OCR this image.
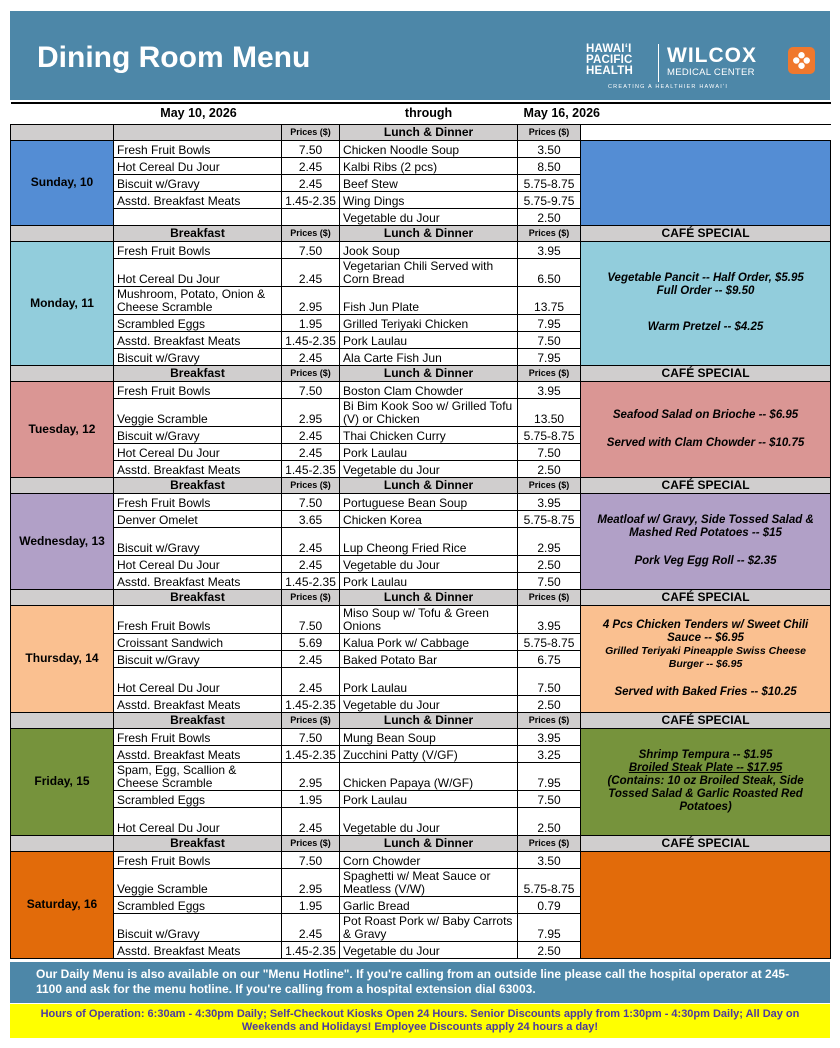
Dining Room Menu	HAWAIʻI
PACIFIC
HEALTH
WILCOX
MEDICAL CENTER
CREATING A HEALTHIER HAWAIʻI
May 10, 2026			through	May 16, 2026	
		Prices ($)	Lunch & Dinner	Prices ($)	
Sunday, 10	Fresh Fruit Bowls	7.50	Chicken Noodle Soup	3.50	
	Hot Cereal Du Jour	2.45	Kalbi Ribs (2 pcs)	8.50	
	Biscuit w/Gravy	2.45	Beef Stew	5.75-8.75	
	Asstd. Breakfast Meats	1.45-2.35	Wing Dings	5.75-9.75	
			Vegetable du Jour	2.50	
	Breakfast	Prices ($)	Lunch & Dinner	Prices ($)	CAFÉ SPECIAL
Monday, 11	Fresh Fruit Bowls	7.50	Jook Soup	3.95	Vegetable Pancit -- Half Order, $5.95
Full Order -- $9.50
Warm Pretzel -- $4.25

	Hot Cereal Du Jour	2.45	Vegetarian Chili Served with Corn Bread	6.50	
	Mushroom, Potato, Onion & Cheese Scramble	2.95	Fish Jun Plate	13.75	
	Scrambled Eggs	1.95	Grilled Teriyaki Chicken	7.95	
	Asstd. Breakfast Meats	1.45-2.35	Pork Laulau	7.50	
	Biscuit w/Gravy	2.45	Ala Carte Fish Jun	7.95	
	Breakfast	Prices ($)	Lunch & Dinner	Prices ($)	CAFÉ SPECIAL
Tuesday, 12	Fresh Fruit Bowls	7.50	Boston Clam Chowder	3.95	Seafood Salad on Brioche -- $6.95
Served with Clam Chowder -- $10.75

	Veggie Scramble	2.95	Bi Bim Kook Soo w/ Grilled Tofu (V) or Chicken	13.50	
	Biscuit w/Gravy	2.45	Thai Chicken Curry	5.75-8.75	
	Hot Cereal Du Jour	2.45	Pork Laulau	7.50	
	Asstd. Breakfast Meats	1.45-2.35	Vegetable du Jour	2.50	
	Breakfast	Prices ($)	Lunch & Dinner	Prices ($)	CAFÉ SPECIAL
Wednesday, 13	Fresh Fruit Bowls	7.50	Portuguese Bean Soup	3.95	Meatloaf w/ Gravy, Side Tossed Salad & Mashed Red Potatoes -- $15
Pork Veg Egg Roll -- $2.35

	Denver Omelet	3.65	Chicken Korea	5.75-8.75	
	Biscuit w/Gravy	2.45	Lup Cheong Fried Rice	2.95	
	Hot Cereal Du Jour	2.45	Vegetable du Jour	2.50	
	Asstd. Breakfast Meats	1.45-2.35	Pork Laulau	7.50	
	Breakfast	Prices ($)	Lunch & Dinner	Prices ($)	CAFÉ SPECIAL
Thursday, 14	Fresh Fruit Bowls	7.50	Miso Soup w/ Tofu & Green Onions	3.95	4 Pcs Chicken Tenders w/ Sweet Chili Sauce -- $6.95
Grilled Teriyaki Pineapple Swiss Cheese Burger -- $6.95
Served with Baked Fries -- $10.25

	Croissant Sandwich	5.69	Kalua Pork w/ Cabbage	5.75-8.75	
	Biscuit w/Gravy	2.45	Baked Potato Bar	6.75	
	Hot Cereal Du Jour	2.45	Pork Laulau	7.50	
	Asstd. Breakfast Meats	1.45-2.35	Vegetable du Jour	2.50	
	Breakfast	Prices ($)	Lunch & Dinner	Prices ($)	CAFÉ SPECIAL
Friday, 15	Fresh Fruit Bowls	7.50	Mung Bean Soup	3.95	Shrimp Tempura -- $1.95
Broiled Steak Plate -- $17.95
(Contains: 10 oz Broiled Steak, Side Tossed Salad & Garlic Roasted Red Potatoes)

	Asstd. Breakfast Meats	1.45-2.35	Zucchini Patty (V/GF)	3.25	
	Spam, Egg, Scallion & Cheese Scramble	2.95	Chicken Papaya (W/GF)	7.95	
	Scrambled Eggs	1.95	Pork Laulau	7.50	
	Hot Cereal Du Jour	2.45	Vegetable du Jour	2.50	
	Breakfast	Prices ($)	Lunch & Dinner	Prices ($)	CAFÉ SPECIAL
Saturday, 16	Fresh Fruit Bowls	7.50	Corn Chowder	3.50	
	Veggie Scramble	2.95	Spaghetti w/ Meat Sauce or Meatless (V/W)	5.75-8.75	
	Scrambled Eggs	1.95	Garlic Bread	0.79	
	Biscuit w/Gravy	2.45	Pot Roast Pork w/ Baby Carrots & Gravy	7.95	
	Asstd. Breakfast Meats	1.45-2.35	Vegetable du Jour	2.50	
Our Daily Menu is also available on our "Menu Hotline". If you're calling from an outside line please call the hospital operator at 245-1100 and ask for the menu hotline. If you're calling from a hospital extension dial 63003.
Hours of Operation: 6:30am - 4:30pm Daily; Self-Checkout Kiosks Open 24 Hours. Senior Discounts apply from 1:30pm - 4:30pm Daily; All Day on Weekends and Holidays! Employee Discounts apply 24 hours a day!
